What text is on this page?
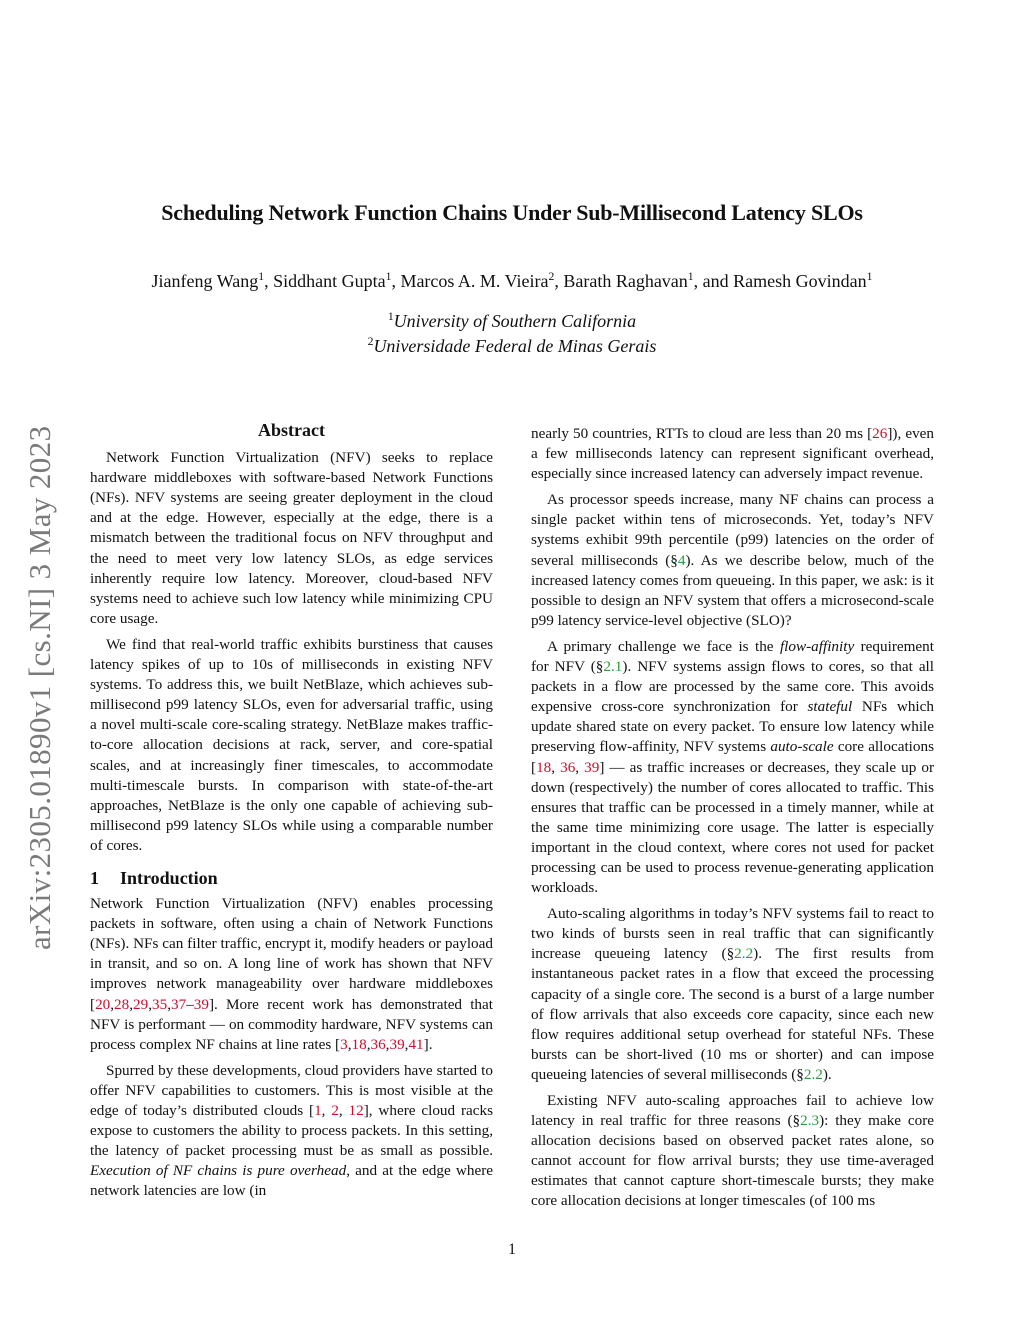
arXiv:2305.01890v1 [cs.NI] 3 May 2023
Scheduling Network Function Chains Under Sub-Millisecond Latency SLOs
Jianfeng Wang$^1$, Siddhant Gupta$^1$, Marcos A. M. Vieira$^2$, Barath Raghavan$^1$, and Ramesh Govindan$^1$
$^1$University of Southern California
$^2$Universidade Federal de Minas Gerais
Abstract

Network Function Virtualization (NFV) seeks to replace hardware middleboxes with software-based Network Functions (NFs). NFV systems are seeing greater deployment in the cloud and at the edge. However, especially at the edge, there is a mismatch between the traditional focus on NFV throughput and the need to meet very low latency SLOs, as edge services inherently require low latency. Moreover, cloud-based NFV systems need to achieve such low latency while minimizing CPU core usage.

We find that real-world traffic exhibits burstiness that causes latency spikes of up to 10s of milliseconds in existing NFV systems. To address this, we built NetBlaze, which achieves sub-millisecond p99 latency SLOs, even for adversarial traffic, using a novel multi-scale core-scaling strategy. NetBlaze makes traffic-to-core allocation decisions at rack, server, and core-spatial scales, and at increasingly finer timescales, to accommodate multi-timescale bursts. In comparison with state-of-the-art approaches, NetBlaze is the only one capable of achieving sub-millisecond p99 latency SLOs while using a comparable number of cores.

1 Introduction

Network Function Virtualization (NFV) enables processing packets in software, often using a chain of Network Functions (NFs). NFs can filter traffic, encrypt it, modify headers or payload in transit, and so on. A long line of work has shown that NFV improves network manageability over hardware middleboxes [20,28,29,35,37–39]. More recent work has demonstrated that NFV is performant — on commodity hardware, NFV systems can process complex NF chains at line rates [3,18,36,39,41].

Spurred by these developments, cloud providers have started to offer NFV capabilities to customers. This is most visible at the edge of today’s distributed clouds [1, 2, 12], where cloud racks expose to customers the ability to process packets. In this setting, the latency of packet processing must be as small as possible. Execution of NF chains is pure overhead, and at the edge where network latencies are low (in

nearly 50 countries, RTTs to cloud are less than 20 ms [26]), even a few milliseconds latency can represent significant overhead, especially since increased latency can adversely impact revenue.

As processor speeds increase, many NF chains can process a single packet within tens of microseconds. Yet, today’s NFV systems exhibit 99th percentile (p99) latencies on the order of several milliseconds (§4). As we describe below, much of the increased latency comes from queueing. In this paper, we ask: is it possible to design an NFV system that offers a microsecond-scale p99 latency service-level objective (SLO)?

A primary challenge we face is the flow-affinity requirement for NFV (§2.1). NFV systems assign flows to cores, so that all packets in a flow are processed by the same core. This avoids expensive cross-core synchronization for stateful NFs which update shared state on every packet. To ensure low latency while preserving flow-affinity, NFV systems auto-scale core allocations [18, 36, 39] — as traffic increases or decreases, they scale up or down (respectively) the number of cores allocated to traffic. This ensures that traffic can be processed in a timely manner, while at the same time minimizing core usage. The latter is especially important in the cloud context, where cores not used for packet processing can be used to process revenue-generating application workloads.

Auto-scaling algorithms in today’s NFV systems fail to react to two kinds of bursts seen in real traffic that can significantly increase queueing latency (§2.2). The first results from instantaneous packet rates in a flow that exceed the processing capacity of a single core. The second is a burst of a large number of flow arrivals that also exceeds core capacity, since each new flow requires additional setup overhead for stateful NFs. These bursts can be short-lived (10 ms or shorter) and can impose queueing latencies of several milliseconds (§2.2).

Existing NFV auto-scaling approaches fail to achieve low latency in real traffic for three reasons (§2.3): they make core allocation decisions based on observed packet rates alone, so cannot account for flow arrival bursts; they use time-averaged estimates that cannot capture short-timescale bursts; they make core allocation decisions at longer timescales (of 100 ms

1
